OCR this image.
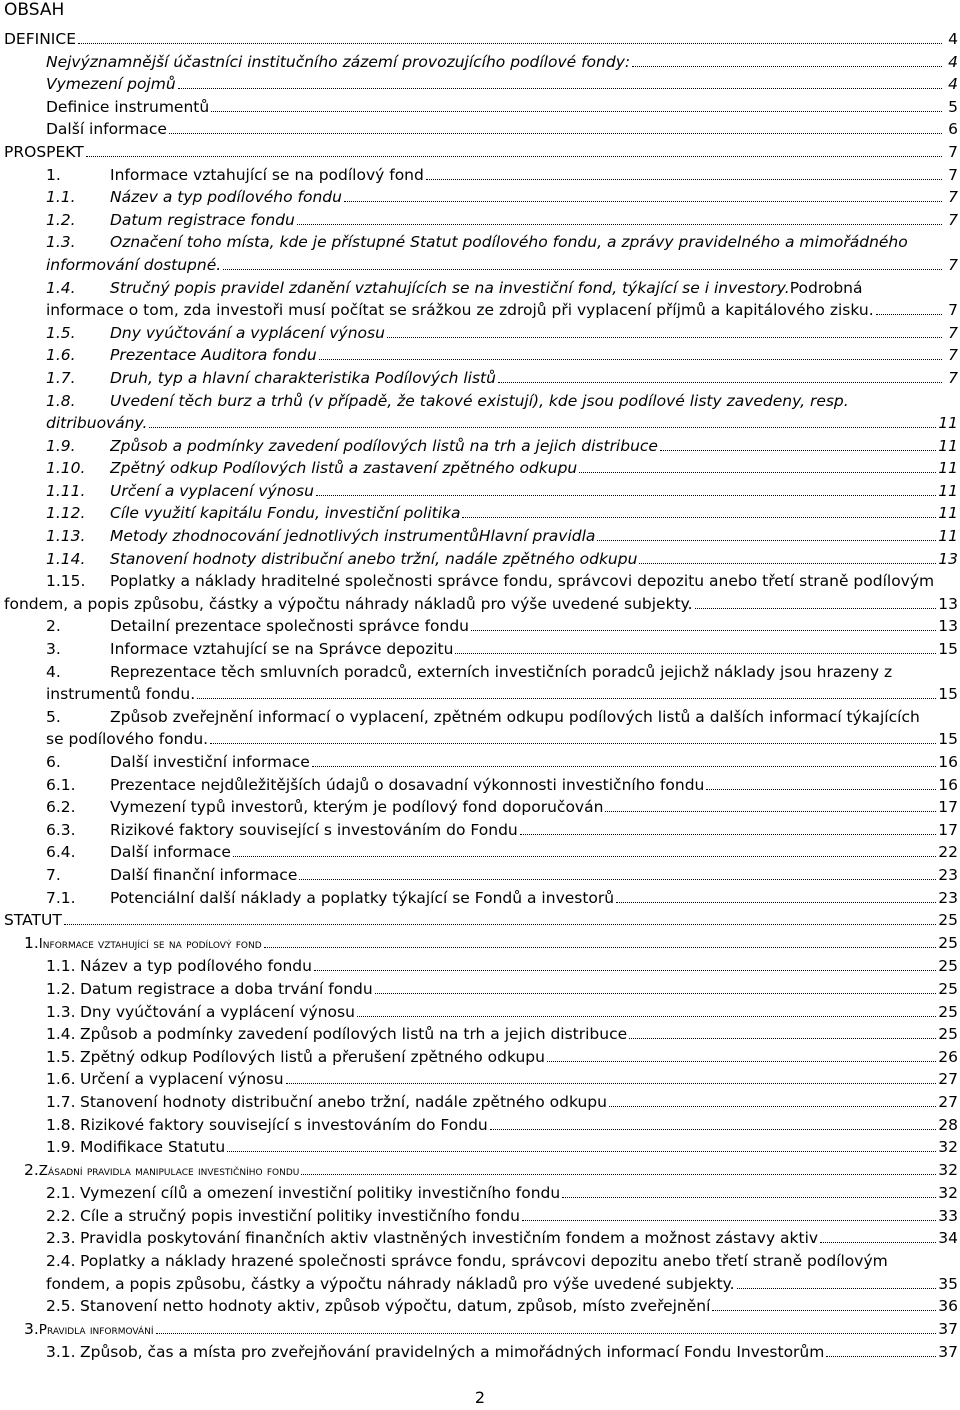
OBSAH
DEFINICE	4
Nejvýznamnější účastníci institučního zázemí provozujícího podílové fondy:	4
Vymezení pojmů	4
Definice instrumentů	5
Další informace	6
PROSPEKT	7
1.	Informace vztahující se na podílový fond	7
1.1.	Název a typ podílového fondu	7
1.2.	Datum registrace fondu	7
1.3.	Označení toho místa, kde je přístupné Statut podílového fondu, a zprávy pravidelného a mimořádného
informování dostupné.	7
1.4.	Stručný popis pravidel zdanění vztahujících se na investiční fond, týkající se i investory. Podrobná
informace o tom, zda investoři musí počítat se srážkou ze zdrojů při vyplacení příjmů a kapitálového zisku.	7
1.5.	Dny vyúčtování a vyplácení výnosu	7
1.6.	Prezentace Auditora fondu	7
1.7.	Druh, typ a hlavní charakteristika Podílových listů	7
1.8.	Uvedení těch burz a trhů (v případě, že takové existují), kde jsou podílové listy zavedeny, resp.
ditribuovány.	11
1.9.	Způsob a podmínky zavedení podílových listů na trh a jejich distribuce	11
1.10.	Zpětný odkup Podílových listů a zastavení zpětného odkupu	11
1.11.	Určení a vyplacení výnosu	11
1.12.	Cíle využití kapitálu Fondu, investiční politika	11
1.13.	Metody zhodnocování jednotlivých instrumentůHlavní pravidla	11
1.14.	Stanovení hodnoty distribuční anebo tržní, nadále zpětného odkupu	13
1.15.	Poplatky a náklady hraditelné společnosti správce fondu, správcovi depozitu anebo třetí straně podílovým
fondem, a popis způsobu, částky a výpočtu náhrady nákladů pro výše uvedené subjekty.	13
2.	Detailní prezentace společnosti správce fondu	13
3.	Informace vztahující se na Správce depozitu	15
4.	Reprezentace těch smluvních poradců, externích investičních poradců jejichž náklady jsou hrazeny z
instrumentů fondu.	15
5.	Způsob zveřejnění informací o vyplacení, zpětném odkupu podílových listů a dalších informací týkajících
se podílového fondu.	15
6.	Další investiční informace	16
6.1.	Prezentace nejdůležitějších údajů o dosavadní výkonnosti investičního fondu	16
6.2.	Vymezení typů investorů, kterým je podílový fond doporučován	17
6.3.	Rizikové faktory související s investováním do Fondu	17
6.4.	Další informace	22
7.	Další finanční informace	23
7.1.	Potenciální další náklady a poplatky týkající se Fondů a investorů	23
STATUT	25
1. Informace vztahující se na podílový fond	25
1.1. Název a typ podílového fondu	25
1.2. Datum registrace a doba trvání fondu	25
1.3. Dny vyúčtování a vyplácení výnosu	25
1.4. Způsob a podmínky zavedení podílových listů na trh a jejich distribuce	25
1.5. Zpětný odkup Podílových listů a přerušení zpětného odkupu	26
1.6. Určení a vyplacení výnosu	27
1.7. Stanovení hodnoty distribuční anebo tržní, nadále zpětného odkupu	27
1.8. Rizikové faktory související s investováním do Fondu	28
1.9. Modifikace Statutu	32
2. Zásadní pravidla manipulace investičního fondu	32
2.1. Vymezení cílů a omezení investiční politiky investičního fondu	32
2.2. Cíle a stručný popis investiční politiky investičního fondu	33
2.3. Pravidla poskytování finančních aktiv vlastněných investičním fondem a možnost zástavy aktiv	34
2.4. Poplatky a náklady hrazené společnosti správce fondu, správcovi depozitu anebo třetí straně podílovým
fondem, a popis způsobu, částky a výpočtu náhrady nákladů pro výše uvedené subjekty.	35
2.5. Stanovení netto hodnoty aktiv, způsob výpočtu, datum, způsob, místo zveřejnění	36
3. Pravidla informování	37
3.1. Způsob, čas a místa pro zveřejňování pravidelných a mimořádných informací Fondu Investorům	37
2
